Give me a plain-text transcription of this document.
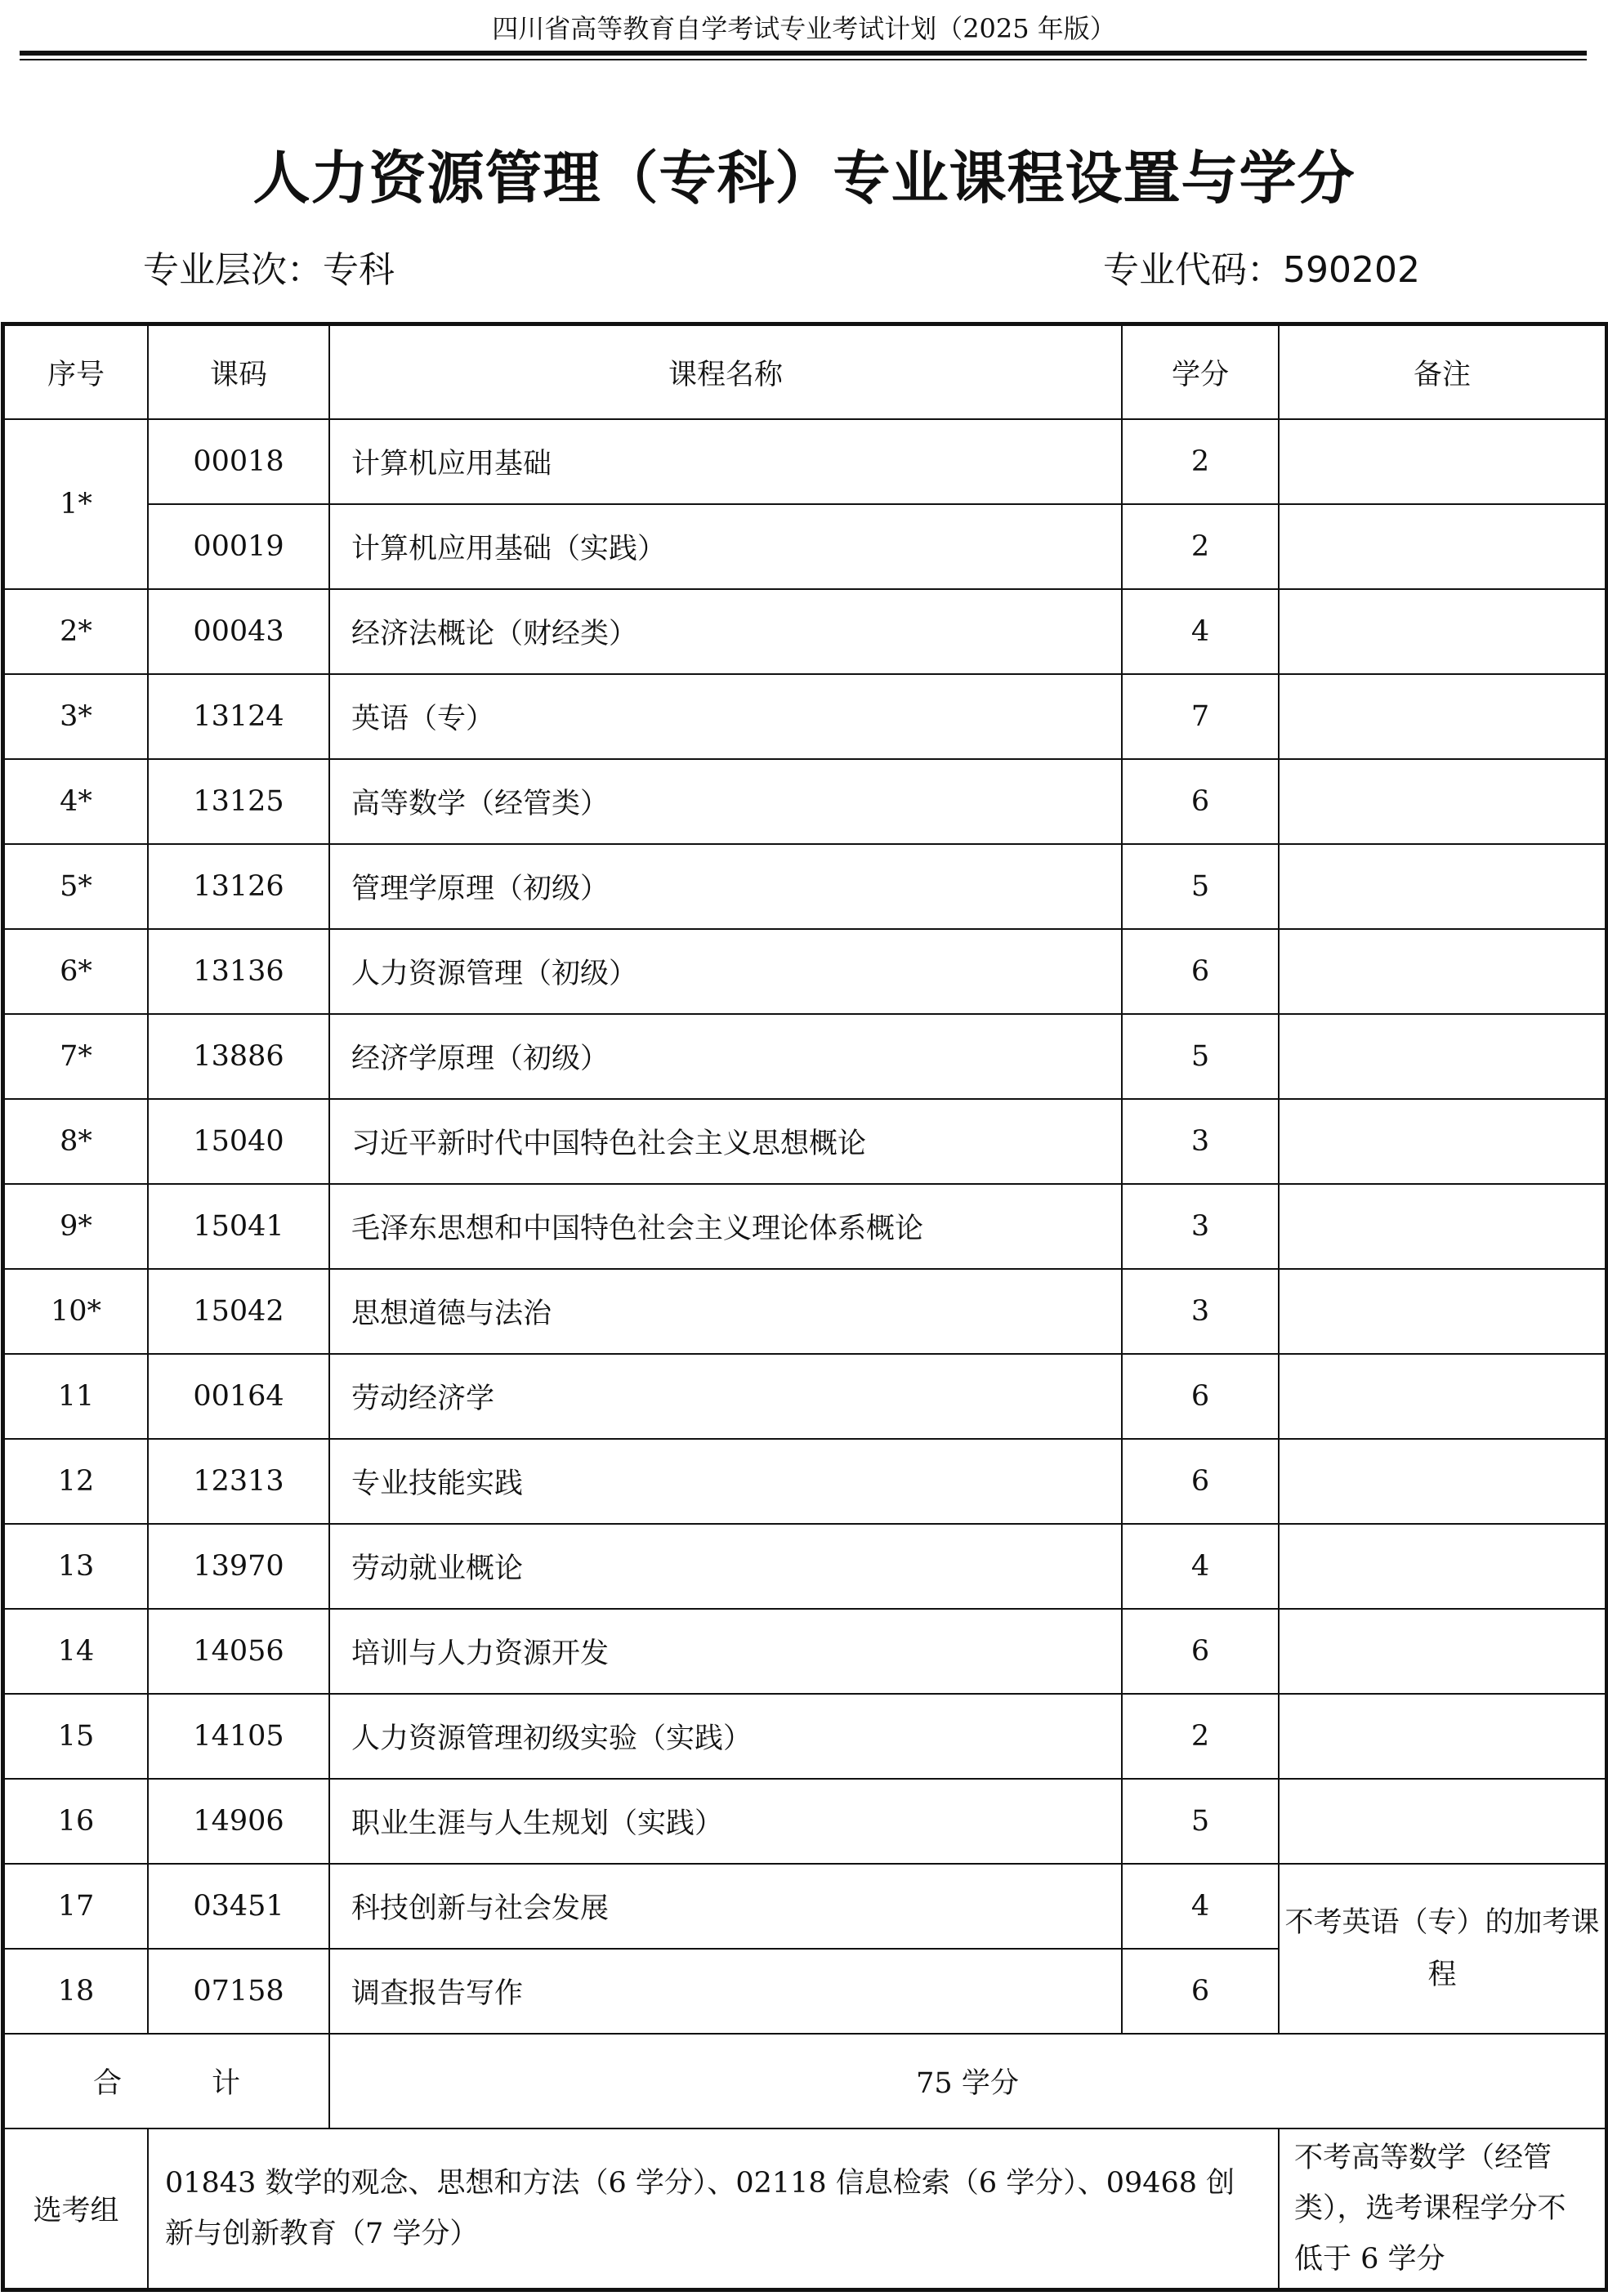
四川省高等教育自学考试专业考试计划（2025 年版）
人力资源管理（专科）专业课程设置与学分
专业层次：专科	专业代码：590202
序号	课码	课程名称	学分	备注
1*	00018	计算机应用基础	2	
	00019	计算机应用基础（实践）	2	
2*	00043	经济法概论（财经类）	4	
3*	13124	英语（专）	7	
4*	13125	高等数学（经管类）	6	
5*	13126	管理学原理（初级）	5	
6*	13136	人力资源管理（初级）	6	
7*	13886	经济学原理（初级）	5	
8*	15040	习近平新时代中国特色社会主义思想概论	3	
9*	15041	毛泽东思想和中国特色社会主义理论体系概论	3	
10*	15042	思想道德与法治	3	
11	00164	劳动经济学	6	
12	12313	专业技能实践	6	
13	13970	劳动就业概论	4	
14	14056	培训与人力资源开发	6	
15	14105	人力资源管理初级实验（实践）	2	
16	14906	职业生涯与人生规划（实践）	5	
17	03451	科技创新与社会发展	4	不考英语（专）的加考课程
18	07158	调查报告写作	6	
合 计		75 学分		
选考组	01843 数学的观念、思想和方法（6 学分）、02118 信息检索（6 学分）、09468 创新与创新教育（7 学分）			不考高等数学（经管类），选考课程学分不低于 6 学分
